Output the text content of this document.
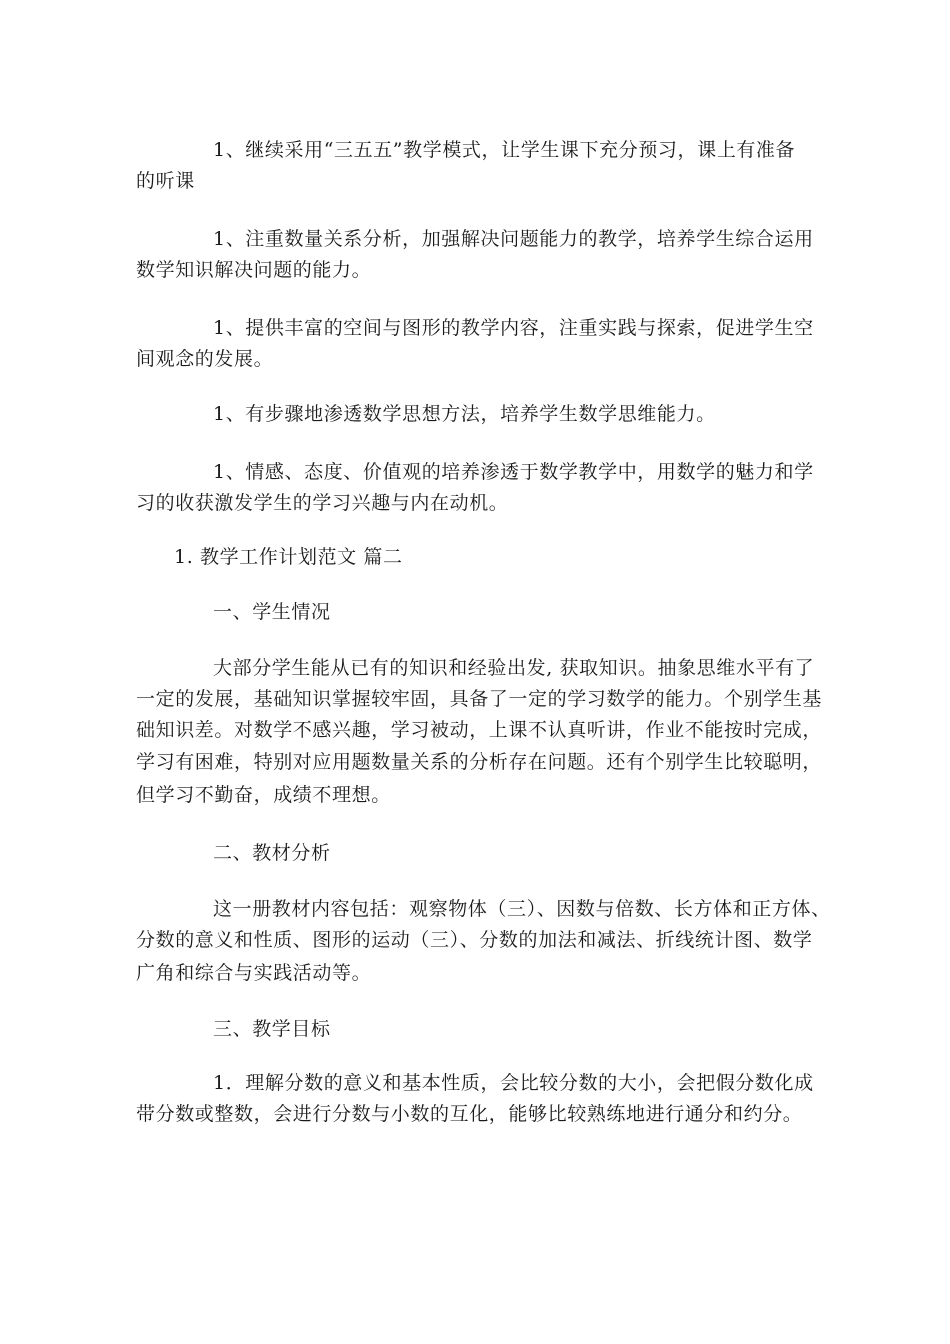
1、继续采用“三五五”教学模式，让学生课下充分预习，课上有准备
的听课
1、注重数量关系分析，加强解决问题能力的教学，培养学生综合运用
数学知识解决问题的能力。
1、提供丰富的空间与图形的教学内容，注重实践与探索，促进学生空
间观念的发展。
1、有步骤地渗透数学思想方法，培养学生数学思维能力。
1、情感、态度、价值观的培养渗透于数学教学中，用数学的魅力和学
习的收获激发学生的学习兴趣与内在动机。
1. 教学工作计划范文 篇二
一、学生情况
大部分学生能从已有的知识和经验出发, 获取知识。抽象思维水平有了
一定的发展，基础知识掌握较牢固，具备了一定的学习数学的能力。个别学生基
础知识差。对数学不感兴趣，学习被动，上课不认真听讲，作业不能按时完成，
学习有困难，特别对应用题数量关系的分析存在问题。还有个别学生比较聪明，
但学习不勤奋，成绩不理想。
二、教材分析
这一册教材内容包括：观察物体（三）、因数与倍数、长方体和正方体、
分数的意义和性质、图形的运动（三）、分数的加法和减法、折线统计图、数学
广角和综合与实践活动等。
三、教学目标
1．理解分数的意义和基本性质，会比较分数的大小，会把假分数化成
带分数或整数，会进行分数与小数的互化，能够比较熟练地进行通分和约分。
